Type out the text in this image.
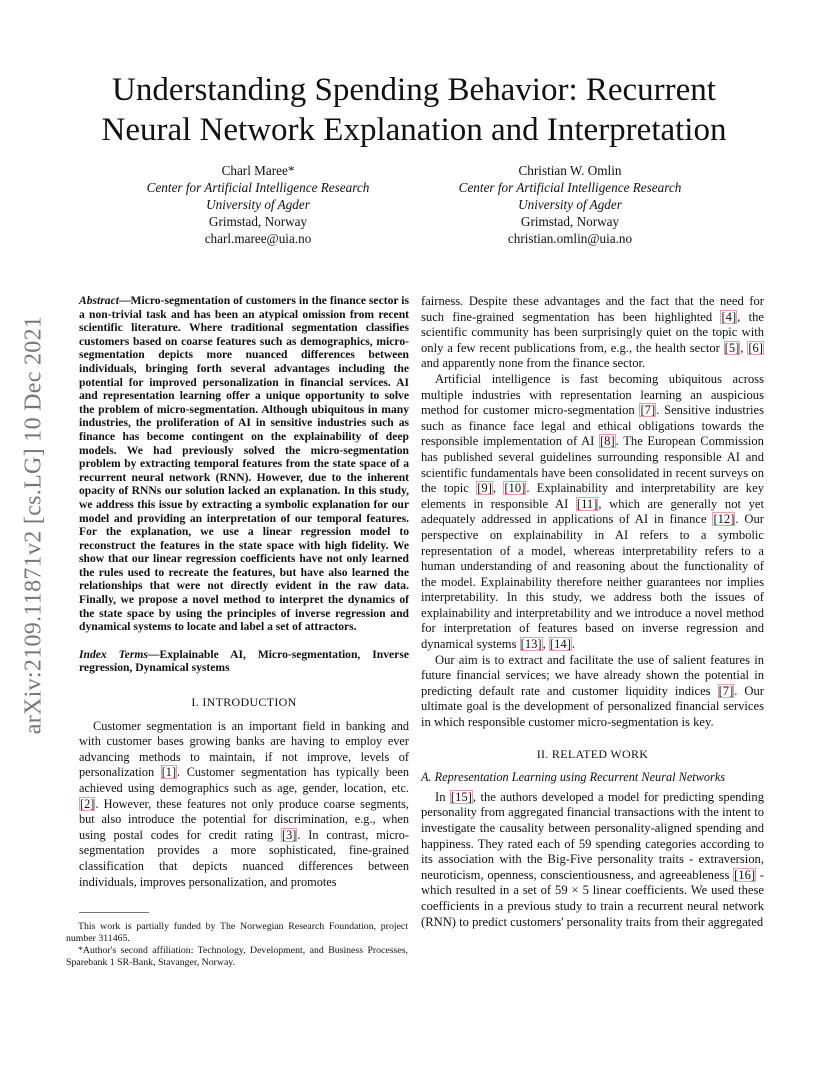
arXiv:2109.11871v2 [cs.LG] 10 Dec 2021
Understanding Spending Behavior: Recurrent
Neural Network Explanation and Interpretation
Charl Maree*
Center for Artificial Intelligence Research
University of Agder
Grimstad, Norway
charl.maree@uia.no
Christian W. Omlin
Center for Artificial Intelligence Research
University of Agder
Grimstad, Norway
christian.omlin@uia.no

Abstract—Micro-segmentation of customers in the finance sector is a non-trivial task and has been an atypical omission from recent scientific literature. Where traditional segmentation classifies customers based on coarse features such as demographics, micro-segmentation depicts more nuanced differences between individuals, bringing forth several advantages including the potential for improved personalization in financial services. AI and representation learning offer a unique opportunity to solve the problem of micro-segmentation. Although ubiquitous in many industries, the proliferation of AI in sensitive industries such as finance has become contingent on the explainability of deep models. We had previously solved the micro-segmentation problem by extracting temporal features from the state space of a recurrent neural network (RNN). However, due to the inherent opacity of RNNs our solution lacked an explanation. In this study, we address this issue by extracting a symbolic explanation for our model and providing an interpretation of our temporal features. For the explanation, we use a linear regression model to reconstruct the features in the state space with high fidelity. We show that our linear regression coefficients have not only learned the rules used to recreate the features, but have also learned the relationships that were not directly evident in the raw data. Finally, we propose a novel method to interpret the dynamics of the state space by using the principles of inverse regression and dynamical systems to locate and label a set of attractors.

Index Terms—Explainable AI, Micro-segmentation, Inverse regression, Dynamical systems

I. INTRODUCTION

Customer segmentation is an important field in banking and with customer bases growing banks are having to employ ever advancing methods to maintain, if not improve, levels of personalization [1]. Customer segmentation has typically been achieved using demographics such as age, gender, location, etc. [2]. However, these features not only produce coarse segments, but also introduce the potential for discrimination, e.g., when using postal codes for credit rating [3]. In contrast, micro-segmentation provides a more sophisticated, fine-grained classification that depicts nuanced differences between individuals, improves personalization, and promotes

This work is partially funded by The Norwegian Research Foundation, project number 311465.

*Author's second affiliation: Technology, Development, and Business Processes, Sparebank 1 SR-Bank, Stavanger, Norway.

fairness. Despite these advantages and the fact that the need for such fine-grained segmentation has been highlighted [4], the scientific community has been surprisingly quiet on the topic with only a few recent publications from, e.g., the health sector [5], [6] and apparently none from the finance sector.

Artificial intelligence is fast becoming ubiquitous across multiple industries with representation learning an auspicious method for customer micro-segmentation [7]. Sensitive industries such as finance face legal and ethical obligations towards the responsible implementation of AI [8]. The European Commission has published several guidelines surrounding responsible AI and scientific fundamentals have been consolidated in recent surveys on the topic [9], [10]. Explainability and interpretability are key elements in responsible AI [11], which are generally not yet adequately addressed in applications of AI in finance [12]. Our perspective on explainability in AI refers to a symbolic representation of a model, whereas interpretability refers to a human understanding of and reasoning about the functionality of the model. Explainability therefore neither guarantees nor implies interpretability. In this study, we address both the issues of explainability and interpretability and we introduce a novel method for interpretation of features based on inverse regression and dynamical systems [13], [14].

Our aim is to extract and facilitate the use of salient features in future financial services; we have already shown the potential in predicting default rate and customer liquidity indices [7]. Our ultimate goal is the development of personalized financial services in which responsible customer micro-segmentation is key.

II. RELATED WORK
A. Representation Learning using Recurrent Neural Networks

In [15], the authors developed a model for predicting spending personality from aggregated financial transactions with the intent to investigate the causality between personality-aligned spending and happiness. They rated each of 59 spending categories according to its association with the Big-Five personality traits - extraversion, neuroticism, openness, conscientiousness, and agreeableness [16] - which resulted in a set of 59 × 5 linear coefficients. We used these coefficients in a previous study to train a recurrent neural network (RNN) to predict customers' personality traits from their aggregated
